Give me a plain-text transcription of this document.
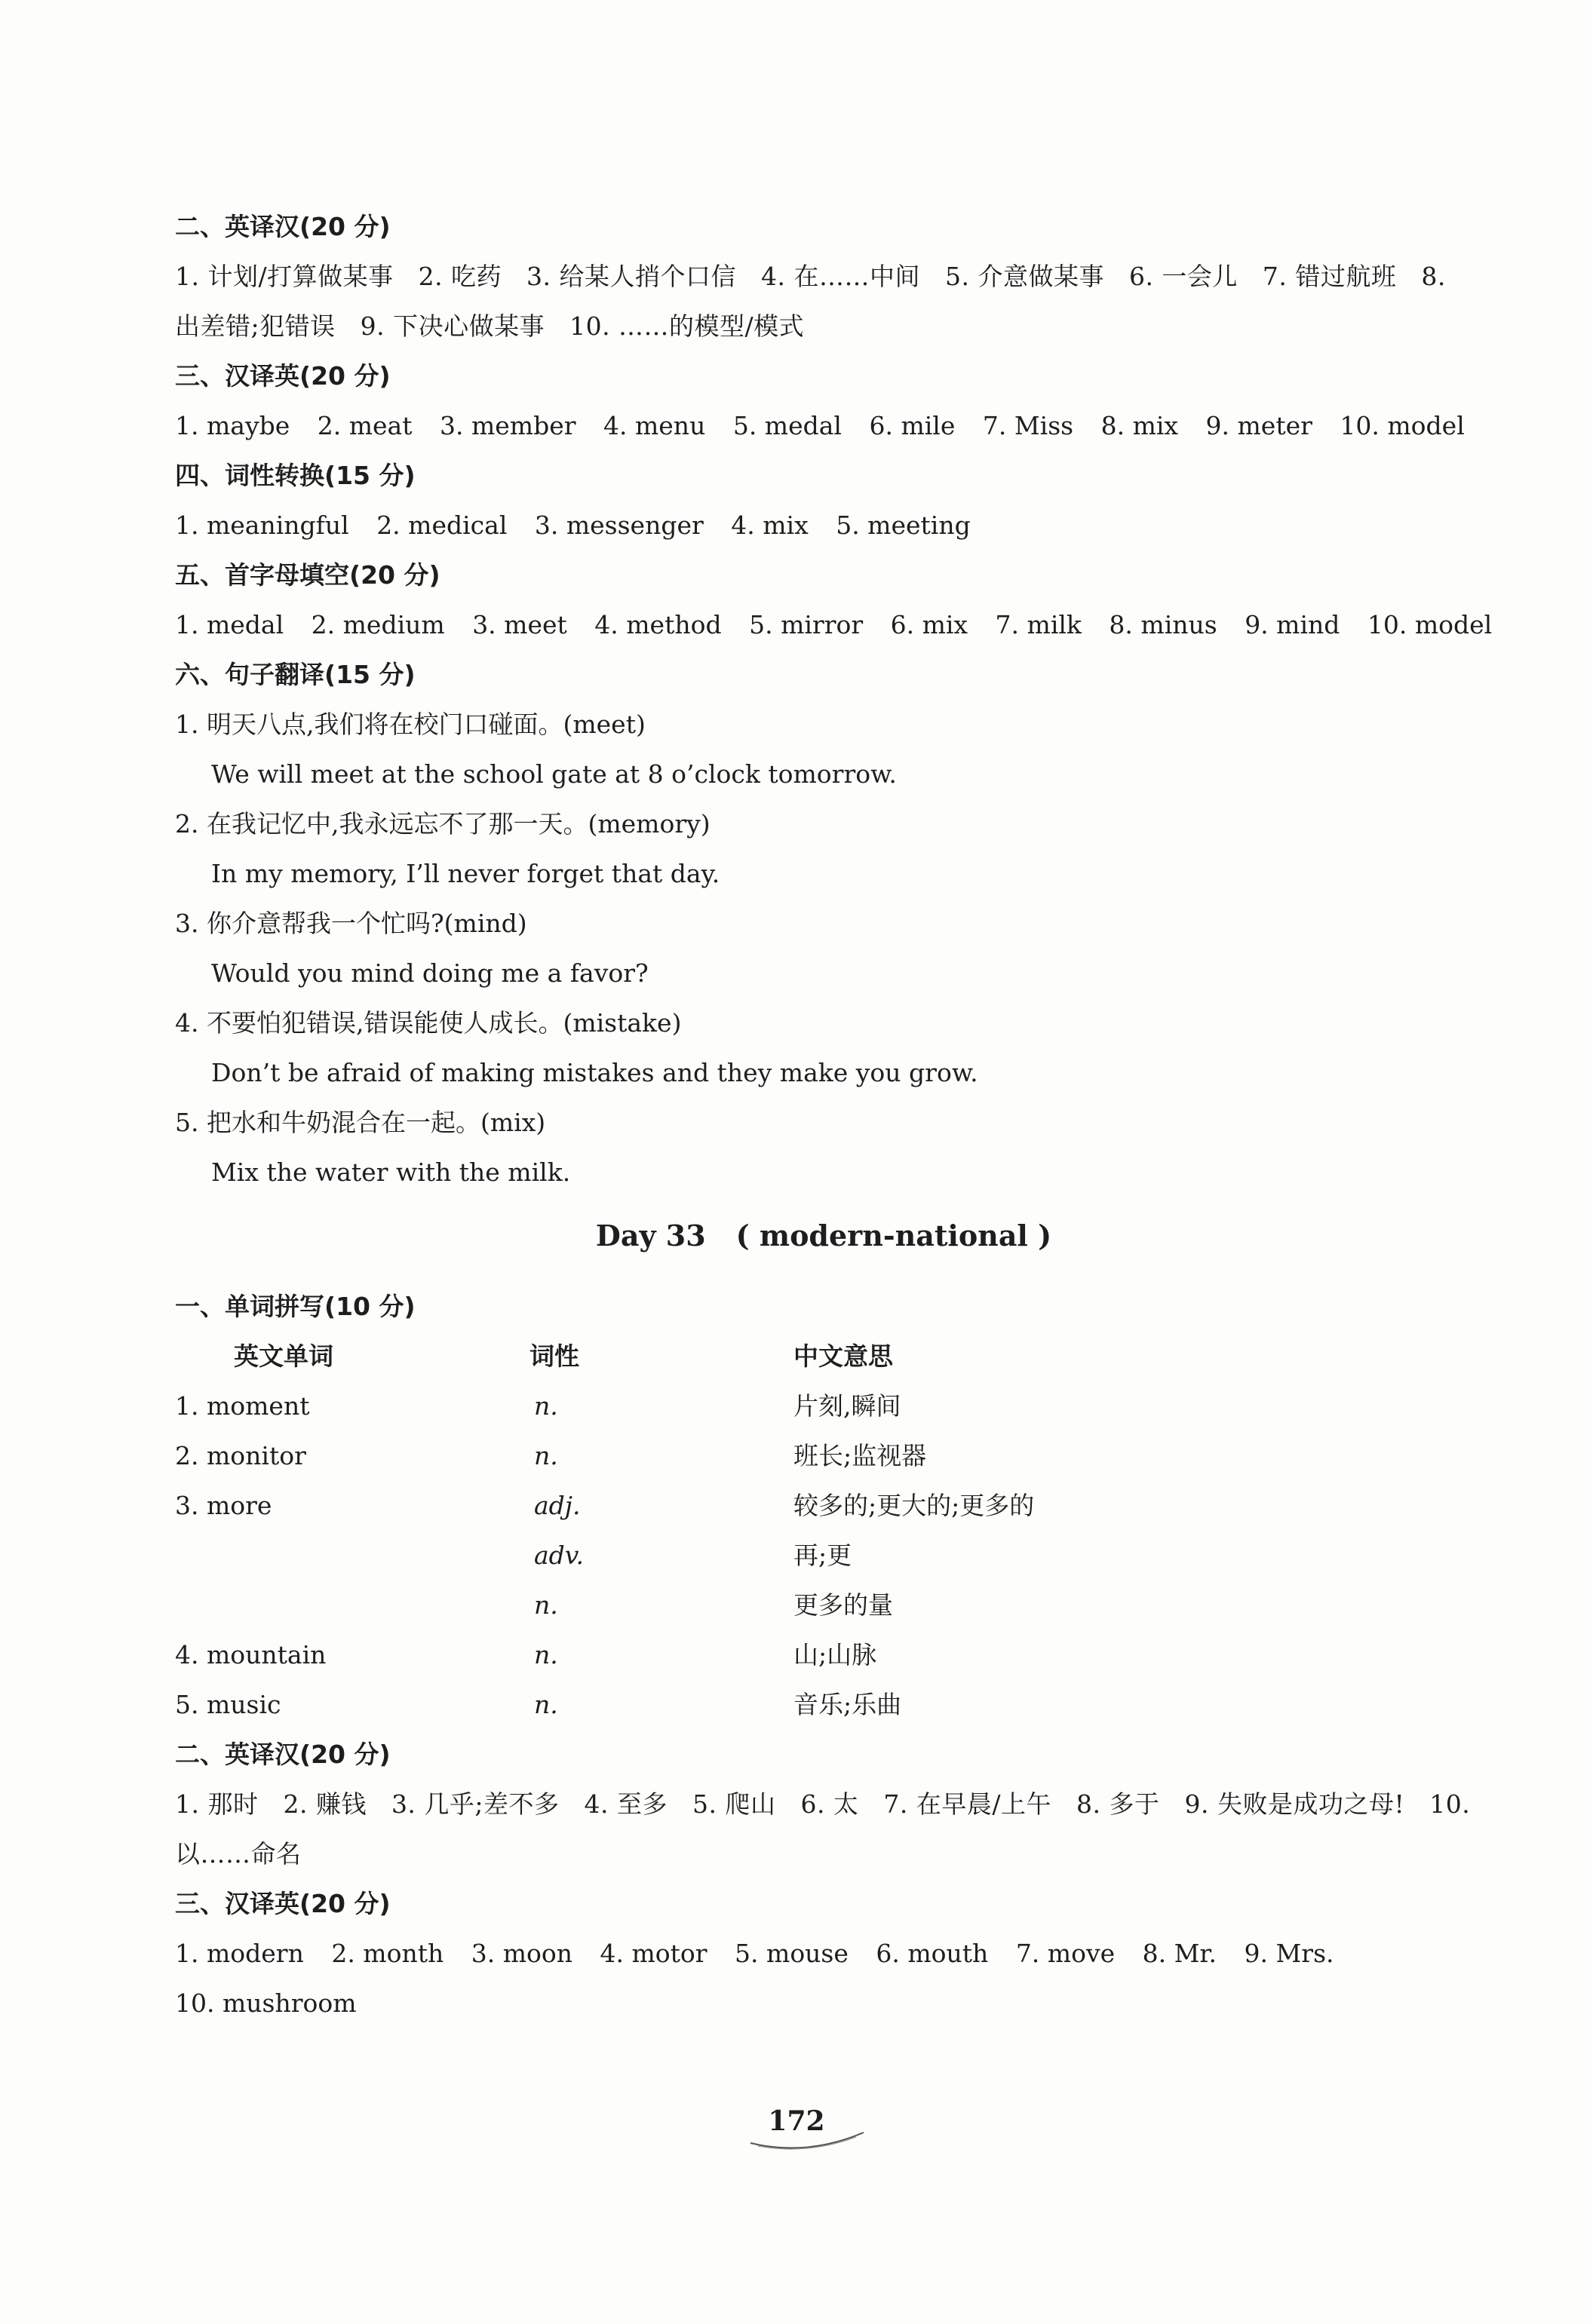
二、英译汉(20 分)
1. 计划/打算做某事 2. 吃药 3. 给某人捎个口信 4. 在……中间 5. 介意做某事 6. 一会儿 7. 错过航班 8. 出差错;犯错误 9. 下决心做某事 10. ……的模型/模式
三、汉译英(20 分)
1. maybe 2. meat 3. member 4. menu 5. medal 6. mile 7. Miss 8. mix 9. meter 10. model
四、词性转换(15 分)
1. meaningful 2. medical 3. messenger 4. mix 5. meeting
五、首字母填空(20 分)
1. medal 2. medium 3. meet 4. method 5. mirror 6. mix 7. milk 8. minus 9. mind 10. model
六、句子翻译(15 分)
1. 明天八点,我们将在校门口碰面。(meet)
We will meet at the school gate at 8 o’clock tomorrow.
2. 在我记忆中,我永远忘不了那一天。(memory)
In my memory, I’ll never forget that day.
3. 你介意帮我一个忙吗?(mind)
Would you mind doing me a favor?
4. 不要怕犯错误,错误能使人成长。(mistake)
Don’t be afraid of making mistakes and they make you grow.
5. 把水和牛奶混合在一起。(mix)
Mix the water with the milk.
Day 33 ( modern-national )
一、单词拼写(10 分)
英文单词	词性	中文意思
1. moment	n.	片刻,瞬间
2. monitor	n.	班长;监视器
3. more	adj.	较多的;更大的;更多的
adv.	再;更
n.	更多的量
4. mountain	n.	山;山脉
5. music	n.	音乐;乐曲
二、英译汉(20 分)
1. 那时 2. 赚钱 3. 几乎;差不多 4. 至多 5. 爬山 6. 太 7. 在早晨/上午 8. 多于 9. 失败是成功之母! 10. 以……命名
三、汉译英(20 分)
1. modern 2. month 3. moon 4. motor 5. mouse 6. mouth 7. move 8. Mr. 9. Mrs.
10. mushroom
172
